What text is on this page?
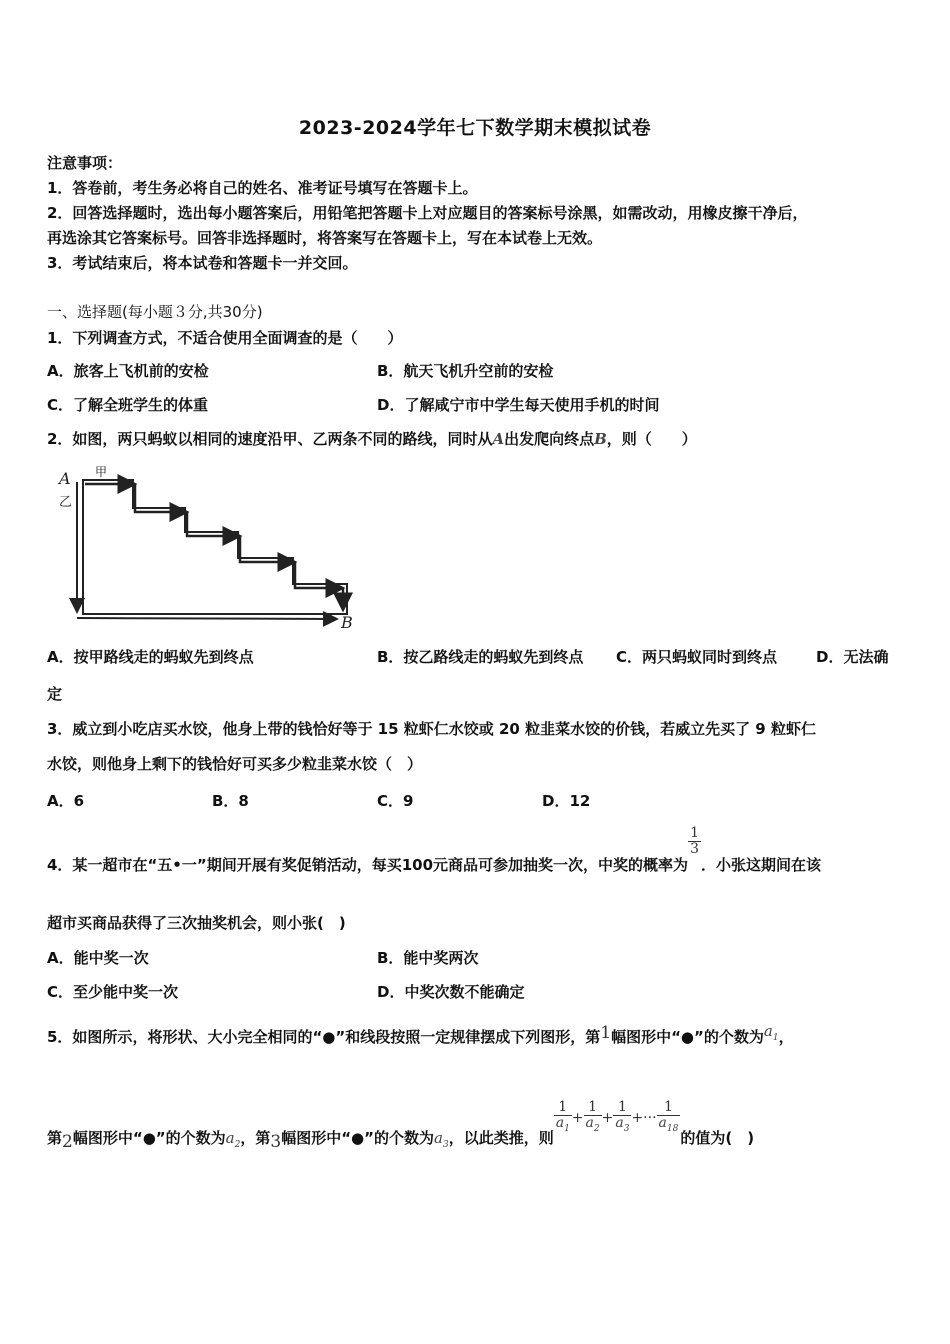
2023-2024学年七下数学期末模拟试卷
注意事项：
1．答卷前，考生务必将自己的姓名、准考证号填写在答题卡上。
2．回答选择题时，选出每小题答案后，用铅笔把答题卡上对应题目的答案标号涂黑，如需改动，用橡皮擦干净后，
再选涂其它答案标号。回答非选择题时，将答案写在答题卡上，写在本试卷上无效。
3．考试结束后，将本试卷和答题卡一并交回。
一、选择题(每小题３分,共30分)
1．下列调查方式，不适合使用全面调查的是（　　）
A．旅客上飞机前的安检	B．航天飞机升空前的安检
C．了解全班学生的体重	D．了解咸宁市中学生每天使用手机的时间
2．如图，两只蚂蚁以相同的速度沿甲、乙两条不同的路线，同时从A出发爬向终点B，则（　　）
A 甲
乙
B
A．按甲路线走的蚂蚁先到终点	B．按乙路线走的蚂蚁先到终点 C．两只蚂蚁同时到终点	D．无法确
定
3．威立到小吃店买水饺，他身上带的钱恰好等于 15 粒虾仁水饺或 20 粒韭菜水饺的价钱，若威立先买了 9 粒虾仁
水饺，则他身上剩下的钱恰好可买多少粒韭菜水饺（　）
A．6	B．8	C．9	D．12
4．某一超市在“五•一”期间开展有奖促销活动，每买100元商品可参加抽奖一次，中奖的概率为
$\frac{1}{3}$
．小张这期间在该
超市买商品获得了三次抽奖机会，则小张(　)
A．能中奖一次	B．能中奖两次
C．至少能中奖一次	D．中奖次数不能确定
5．如图所示，将形状、大小完全相同的“●”和线段按照一定规律摆成下列图形，第1幅图形中“●”的个数为$a_1$，
第2幅图形中“●”的个数为$a_2$，第3幅图形中“●”的个数为$a_3$，以此类推，则
$\frac{1}{a_1} + \frac{1}{a_2} + \frac{1}{a_3}$ +··· $\frac{1}{a_{18}}$
的值为(　)
